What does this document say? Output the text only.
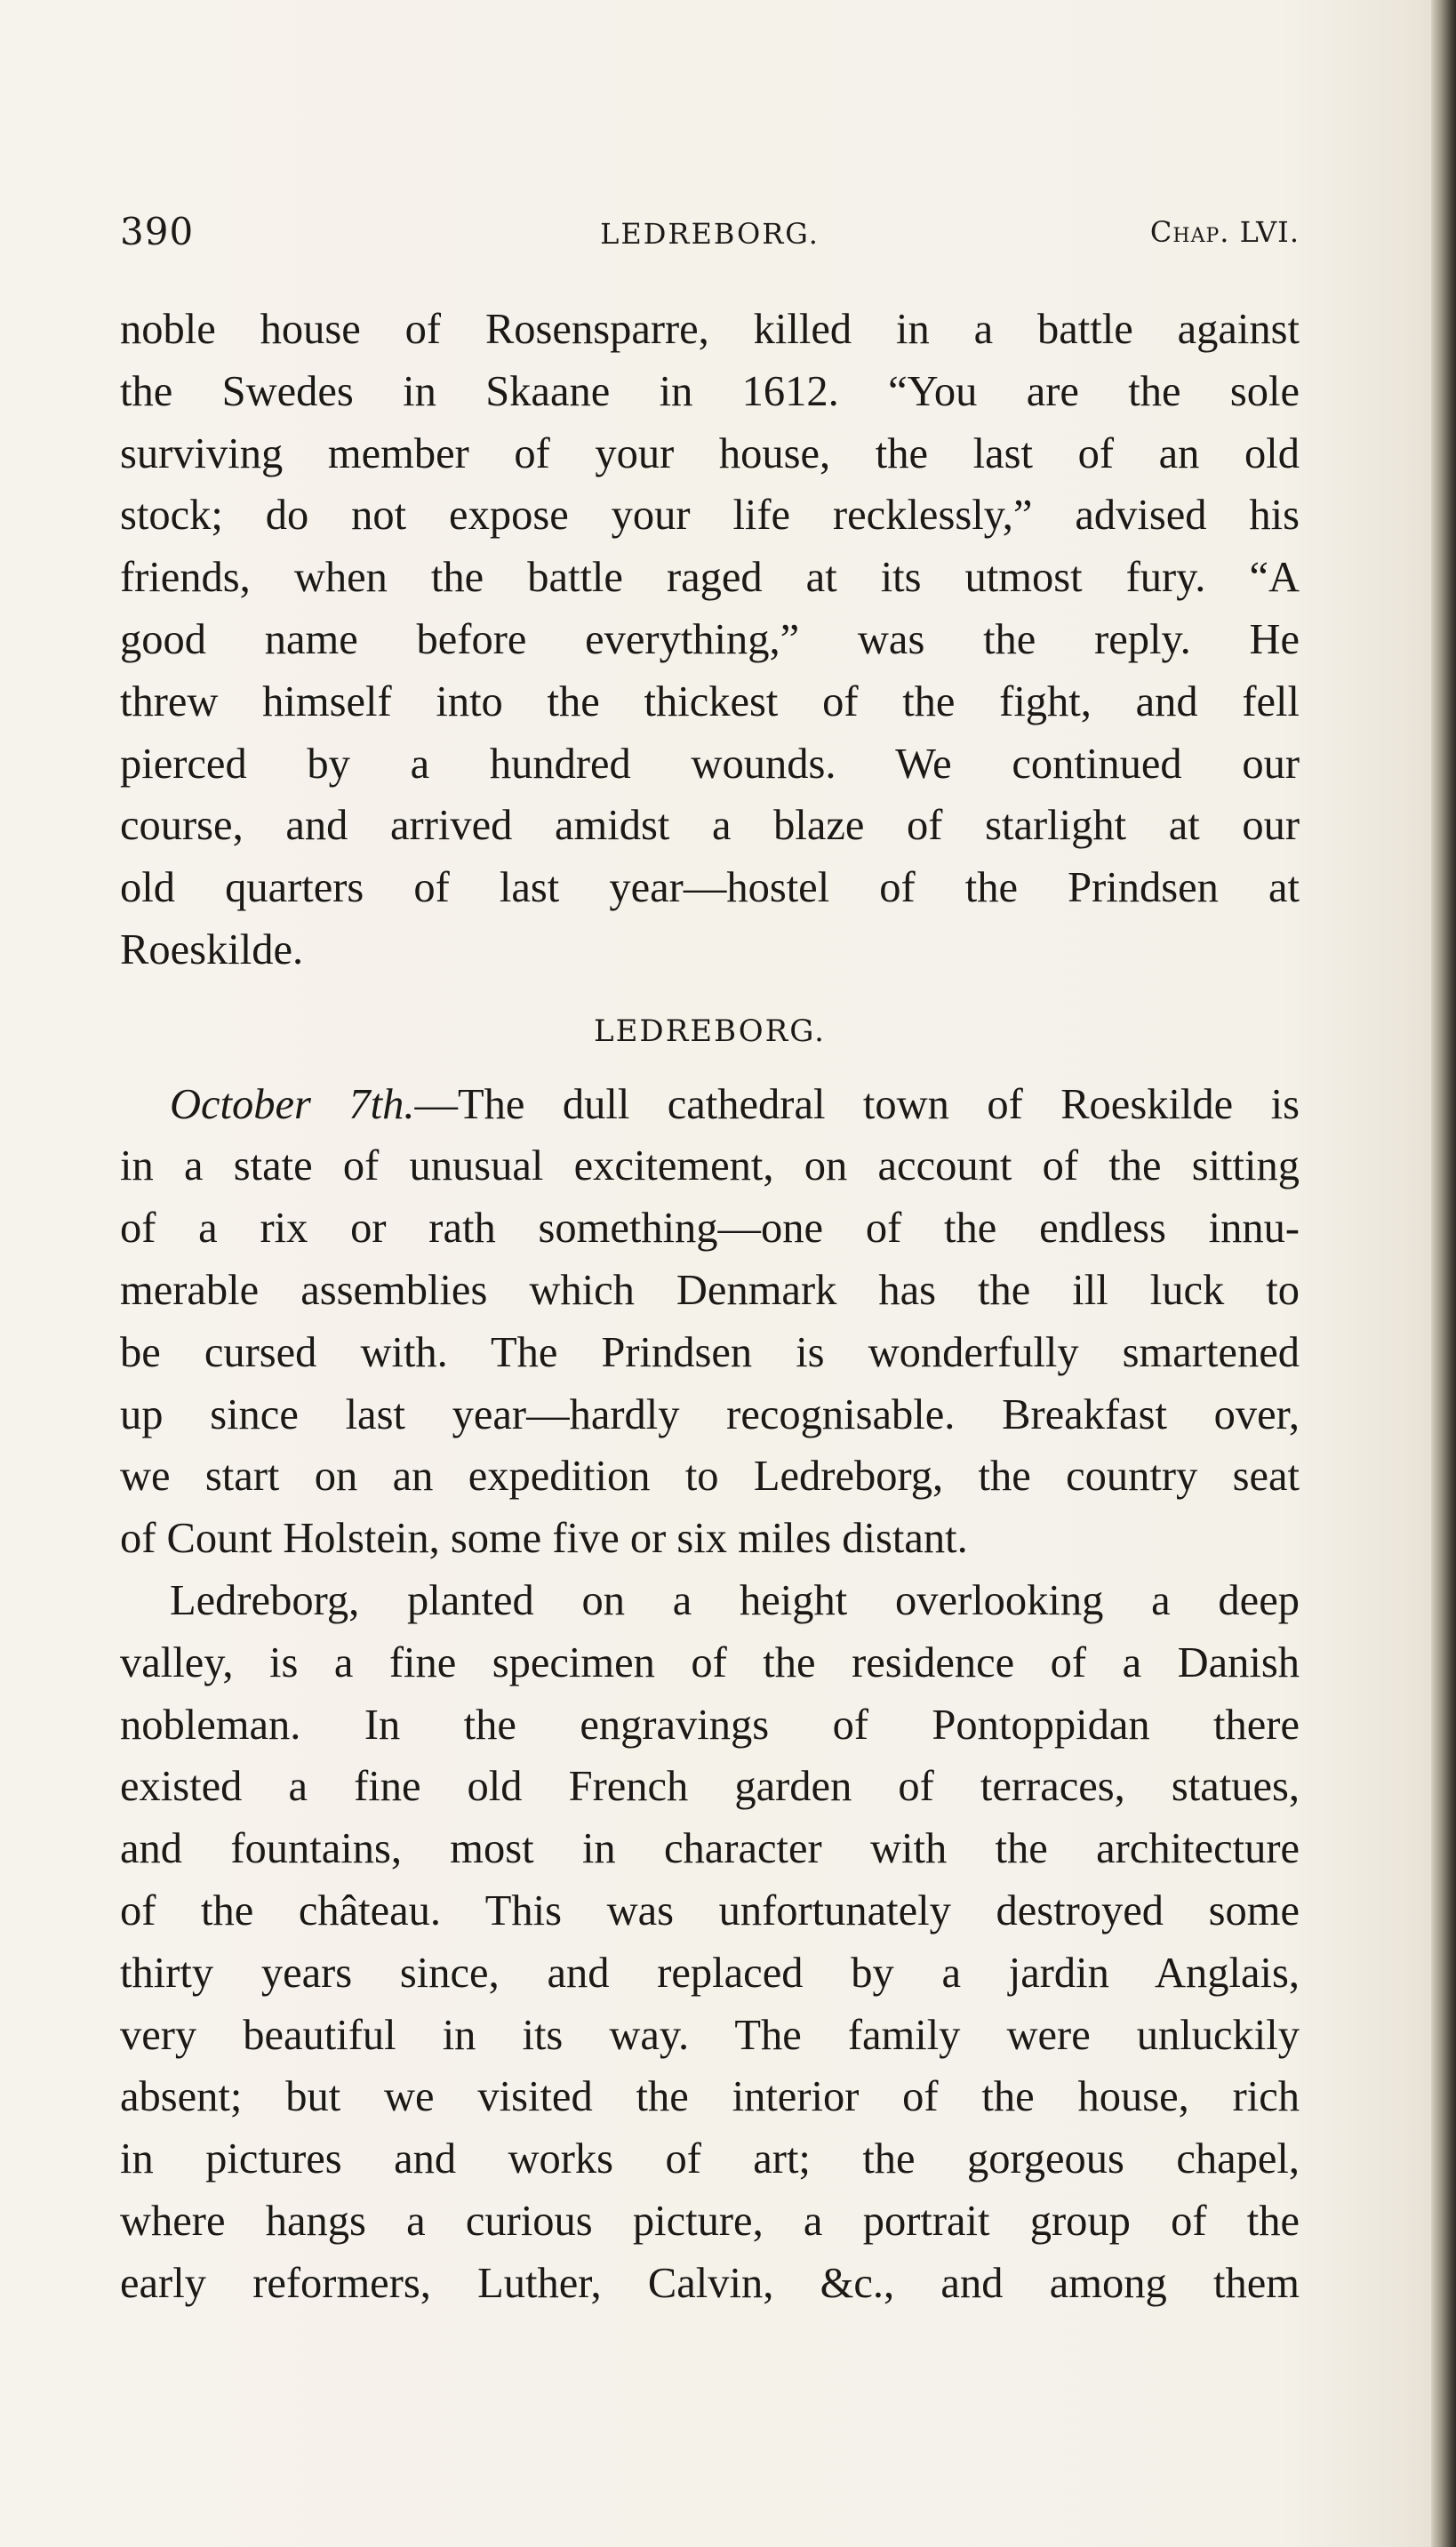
390	LEDREBORG.	Chap. LVI.
noble house of Rosensparre, killed in a battle against
the Swedes in Skaane in 1612. “You are the sole
surviving member of your house, the last of an old
stock; do not expose your life recklessly,” advised his
friends, when the battle raged at its utmost fury. “A
good name before everything,” was the reply. He
threw himself into the thickest of the fight, and fell
pierced by a hundred wounds. We continued our
course, and arrived amidst a blaze of starlight at our
old quarters of last year—hostel of the Prindsen at
Roeskilde.
LEDREBORG.
October 7th.—The dull cathedral town of Roeskilde is
in a state of unusual excitement, on account of the sitting
of a rix or rath something—one of the endless innu-
merable assemblies which Denmark has the ill luck to
be cursed with. The Prindsen is wonderfully smartened
up since last year—hardly recognisable. Breakfast over,
we start on an expedition to Ledreborg, the country seat
of Count Holstein, some five or six miles distant.
Ledreborg, planted on a height overlooking a deep
valley, is a fine specimen of the residence of a Danish
nobleman. In the engravings of Pontoppidan there
existed a fine old French garden of terraces, statues,
and fountains, most in character with the architecture
of the château. This was unfortunately destroyed some
thirty years since, and replaced by a jardin Anglais,
very beautiful in its way. The family were unluckily
absent; but we visited the interior of the house, rich
in pictures and works of art; the gorgeous chapel,
where hangs a curious picture, a portrait group of the
early reformers, Luther, Calvin, &c., and among them
